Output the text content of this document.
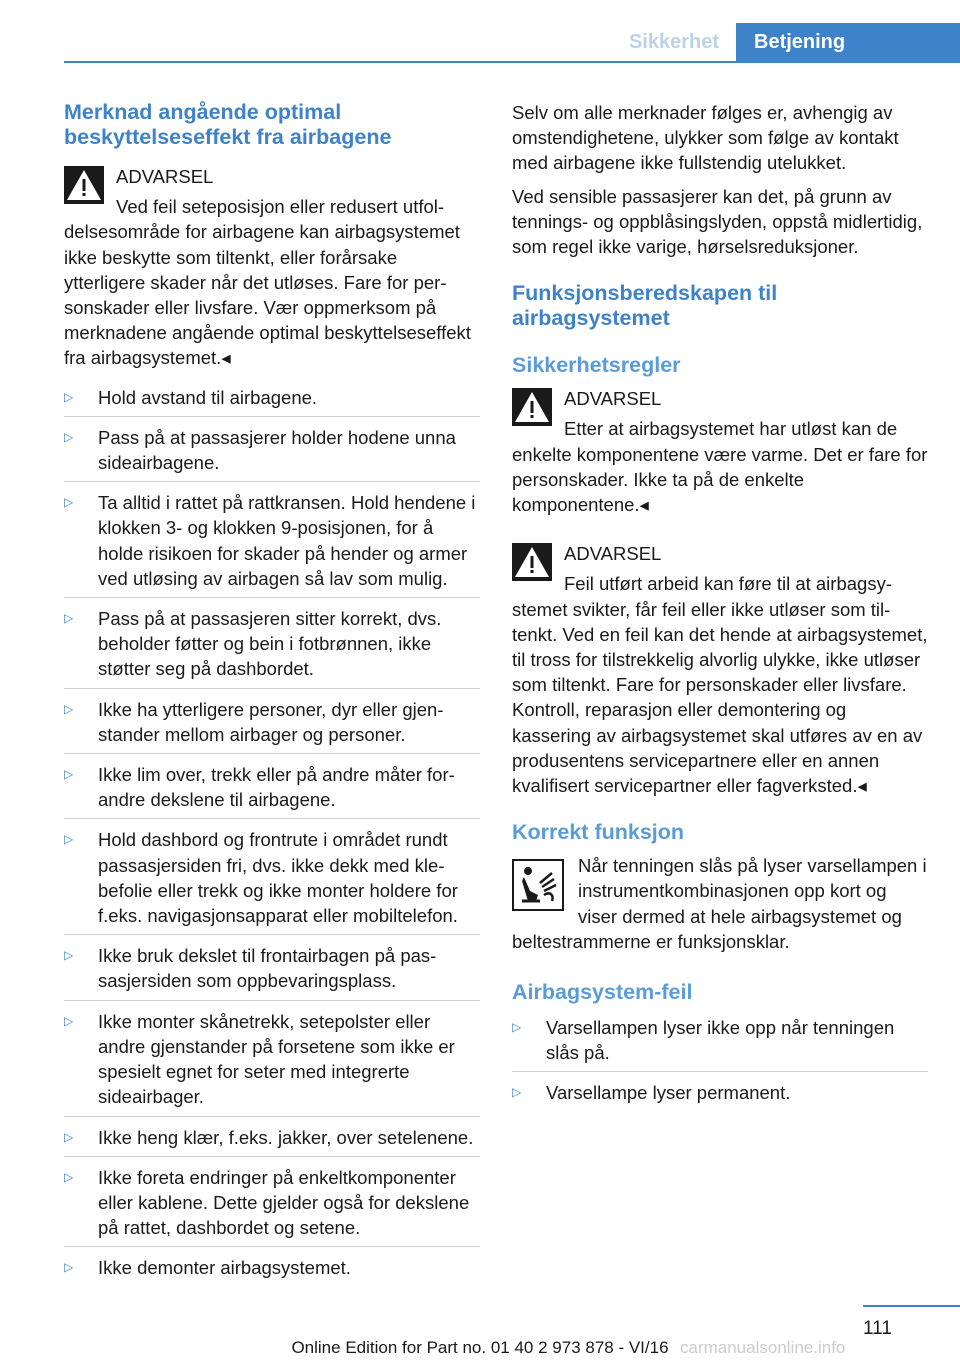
Sikkerhet	Betjening
Merknad angående optimal beskyttelseseffekt fra airbagene
ADVARSEL
Ved feil seteposisjon eller redusert utfoldelsesområde for airbagene kan airbagsystemet ikke beskytte som tiltenkt, eller forårsake ytterligere skader når det utløses. Fare for personskader eller livsfare. Vær oppmerksom på merknadene angående optimal beskyttelseseffekt fra airbagsystemet.◂
▷ Hold avstand til airbagene.
▷ Pass på at passasjerer holder hodene unna sideairbagene.
▷ Ta alltid i rattet på rattkransen. Hold hendene i klokken 3- og klokken 9-posisjonen, for å holde risikoen for skader på hender og armer ved utløsing av airbagen så lav som mulig.
▷ Pass på at passasjeren sitter korrekt, dvs. beholder føtter og bein i fotbrønnen, ikke støtter seg på dashbordet.
▷ Ikke ha ytterligere personer, dyr eller gjenstander mellom airbager og personer.
▷ Ikke lim over, trekk eller på andre måter forandre dekslene til airbagene.
▷ Hold dashbord og frontrute i området rundt passasjersiden fri, dvs. ikke dekk med klebefolie eller trekk og ikke monter holdere for f.eks. navigasjonsapparat eller mobiltelefon.
▷ Ikke bruk dekslet til frontairbagen på passasjersiden som oppbevaringsplass.
▷ Ikke monter skånetrekk, setepolster eller andre gjenstander på forsetene som ikke er spesielt egnet for seter med integrerte sideairbager.
▷ Ikke heng klær, f.eks. jakker, over setelenene.
▷ Ikke foreta endringer på enkeltkomponenter eller kablene. Dette gjelder også for dekslene på rattet, dashbordet og setene.
▷ Ikke demonter airbagsystemet.
Selv om alle merknader følges er, avhengig av omstendighetene, ulykker som følge av kontakt med airbagene ikke fullstendig utelukket.
Ved sensible passasjerer kan det, på grunn av tennings- og oppblåsingslyden, oppstå midlertidig, som regel ikke varige, hørselsreduksjoner.
Funksjonsberedskapen til airbagsystemet
Sikkerhetsregler
ADVARSEL
Etter at airbagsystemet har utløst kan de enkelte komponentene være varme. Det er fare for personskader. Ikke ta på de enkelte komponentene.◂
ADVARSEL
Feil utført arbeid kan føre til at airbagsystemet svikter, får feil eller ikke utløser som tiltenkt. Ved en feil kan det hende at airbagsystemet, til tross for tilstrekkelig alvorlig ulykke, ikke utløser som tiltenkt. Fare for personskader eller livsfare. Kontroll, reparasjon eller demontering og kassering av airbagsystemet skal utføres av en av produsentens servicepartnere eller en annen kvalifisert servicepartner eller fagverksted.◂
Korrekt funksjon
Når tenningen slås på lyser varsellampen i instrumentkombinasjonen opp kort og viser dermed at hele airbagsystemet og beltestrammerne er funksjonsklar.
Airbagsystem-feil
▷ Varsellampen lyser ikke opp når tenningen slås på.
▷ Varsellampe lyser permanent.
111
Online Edition for Part no. 01 40 2 973 878 - VI/16 carmanualsonline.info
